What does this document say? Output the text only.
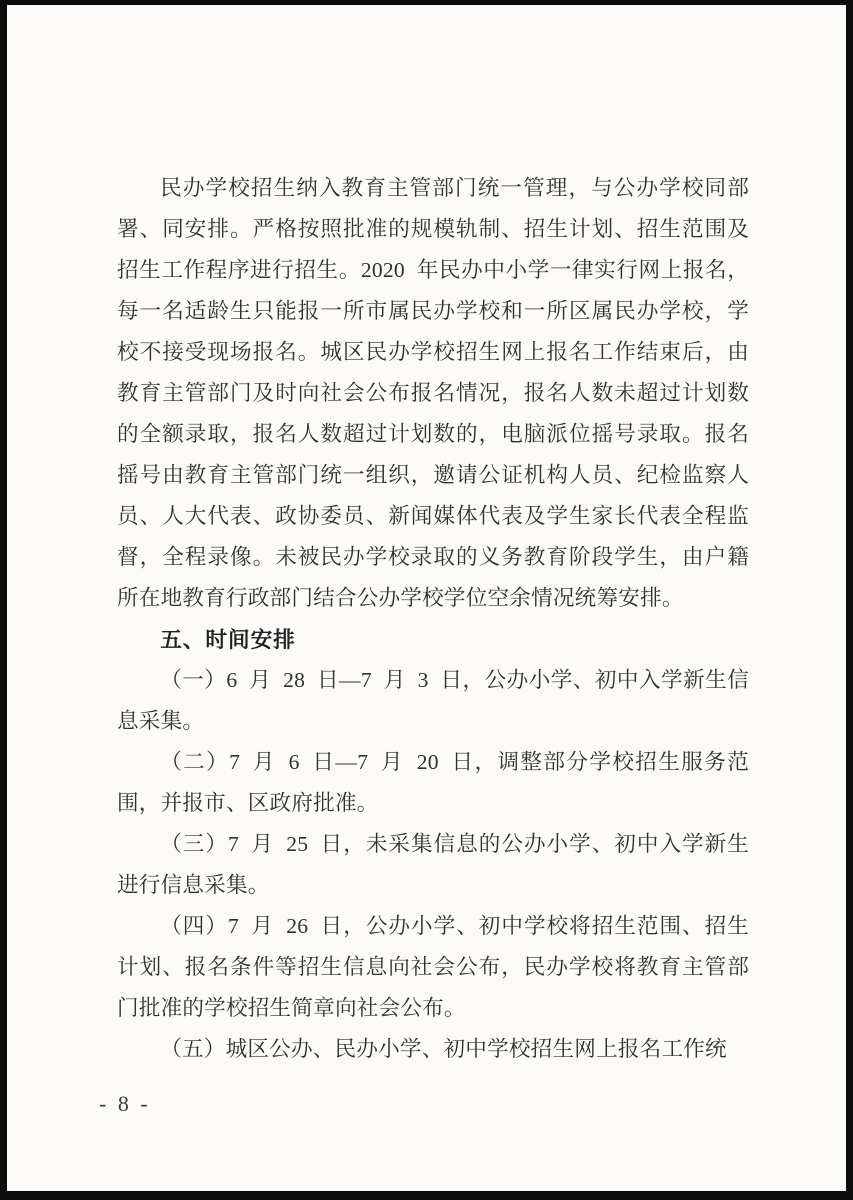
民办学校招生纳入教育主管部门统一管理，与公办学校同部署、同安排。严格按照批准的规模轨制、招生计划、招生范围及招生工作程序进行招生。2020 年民办中小学一律实行网上报名，每一名适龄生只能报一所市属民办学校和一所区属民办学校，学校不接受现场报名。城区民办学校招生网上报名工作结束后，由教育主管部门及时向社会公布报名情况，报名人数未超过计划数的全额录取，报名人数超过计划数的，电脑派位摇号录取。报名摇号由教育主管部门统一组织，邀请公证机构人员、纪检监察人员、人大代表、政协委员、新闻媒体代表及学生家长代表全程监督，全程录像。未被民办学校录取的义务教育阶段学生，由户籍所在地教育行政部门结合公办学校学位空余情况统筹安排。

五、时间安排

（一）6 月 28 日—7 月 3 日，公办小学、初中入学新生信息采集。

（二）7 月 6 日—7 月 20 日，调整部分学校招生服务范围，并报市、区政府批准。

（三）7 月 25 日，未采集信息的公办小学、初中入学新生进行信息采集。

（四）7 月 26 日，公办小学、初中学校将招生范围、招生计划、报名条件等招生信息向社会公布，民办学校将教育主管部门批准的学校招生简章向社会公布。

（五）城区公办、民办小学、初中学校招生网上报名工作统

- 8 -
